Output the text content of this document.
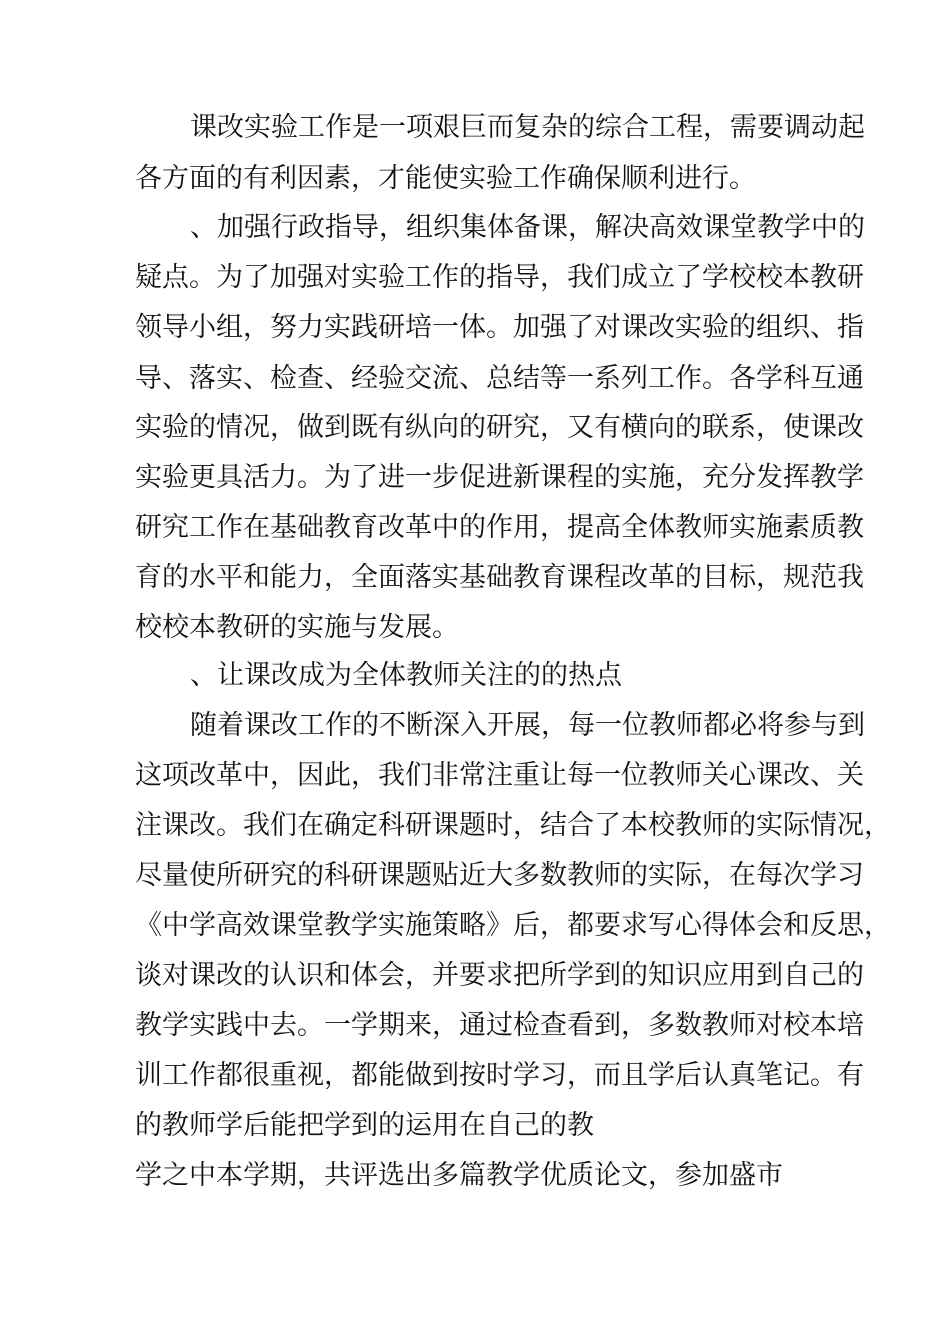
课改实验工作是一项艰巨而复杂的综合工程，需要调动起

各方面的有利因素，才能使实验工作确保顺利进行。

、加强行政指导，组织集体备课，解决高效课堂教学中的

疑点。为了加强对实验工作的指导，我们成立了学校校本教研

领导小组，努力实践研培一体。加强了对课改实验的组织、指

导、落实、检查、经验交流、总结等一系列工作。各学科互通

实验的情况，做到既有纵向的研究，又有横向的联系，使课改

实验更具活力。为了进一步促进新课程的实施，充分发挥教学

研究工作在基础教育改革中的作用，提高全体教师实施素质教

育的水平和能力，全面落实基础教育课程改革的目标，规范我

校校本教研的实施与发展。

、让课改成为全体教师关注的的热点

随着课改工作的不断深入开展，每一位教师都必将参与到

这项改革中，因此，我们非常注重让每一位教师关心课改、关

注课改。我们在确定科研课题时，结合了本校教师的实际情况，

尽量使所研究的科研课题贴近大多数教师的实际，在每次学习

《中学高效课堂教学实施策略》后，都要求写心得体会和反思，

谈对课改的认识和体会，并要求把所学到的知识应用到自己的

教学实践中去。一学期来，通过检查看到，多数教师对校本培

训工作都很重视，都能做到按时学习，而且学后认真笔记。有

的教师学后能把学到的运用在自己的教

学之中本学期，共评选出多篇教学优质论文，参加盛市
